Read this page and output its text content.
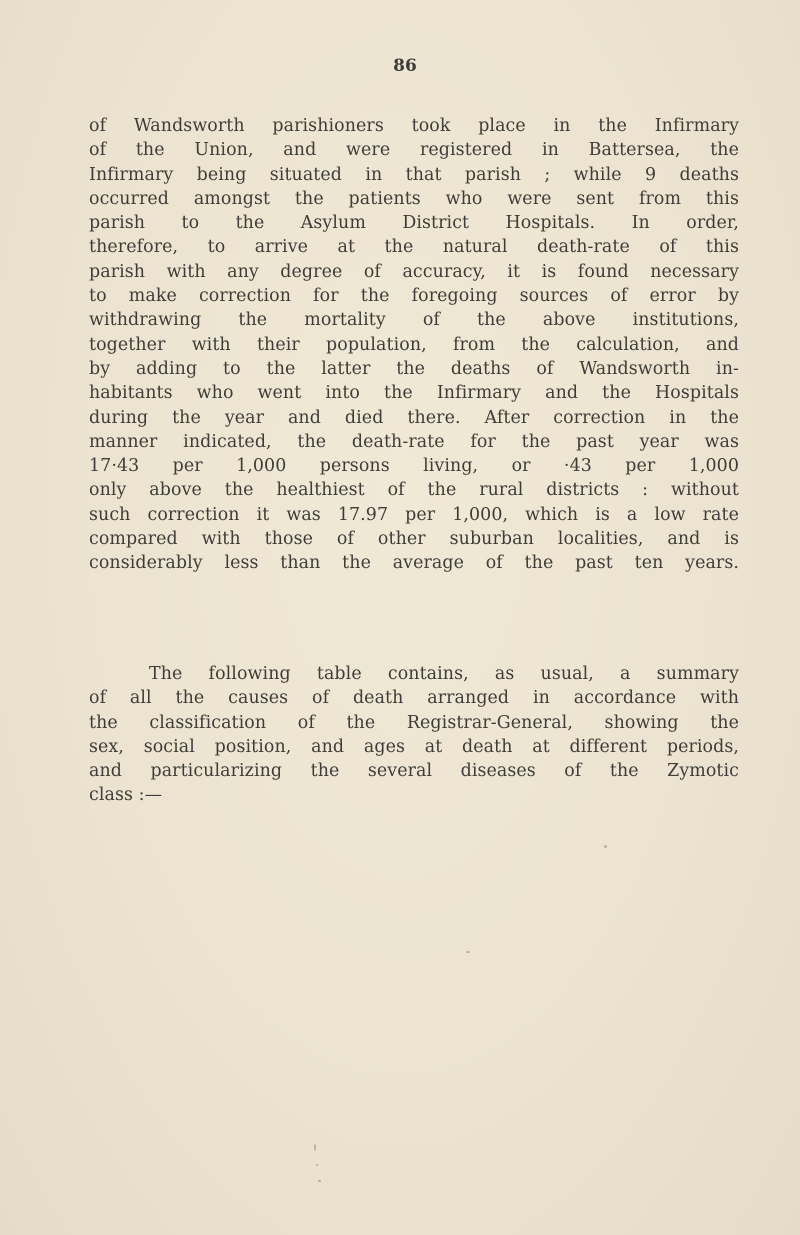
86
of Wandsworth parishioners took place in the Infirmary
of the Union, and were registered in Battersea, the
Infirmary being situated in that parish ; while 9 deaths
occurred amongst the patients who were sent from this
parish to the Asylum District Hospitals. In order,
therefore, to arrive at the natural death-rate of this
parish with any degree of accuracy, it is found necessary
to make correction for the foregoing sources of error by
withdrawing the mortality of the above institutions,
together with their population, from the calculation, and
by adding to the latter the deaths of Wandsworth in-
habitants who went into the Infirmary and the Hospitals
during the year and died there. After correction in the
manner indicated, the death-rate for the past year was
17·43 per 1,000 persons living, or ·43 per 1,000
only above the healthiest of the rural districts : without
such correction it was 17.97 per 1,000, which is a low rate
compared with those of other suburban localities, and is
considerably less than the average of the past ten years.
The following table contains, as usual, a summary
of all the causes of death arranged in accordance with
the classification of the Registrar-General, showing the
sex, social position, and ages at death at different periods,
and particularizing the several diseases of the Zymotic
class :—
